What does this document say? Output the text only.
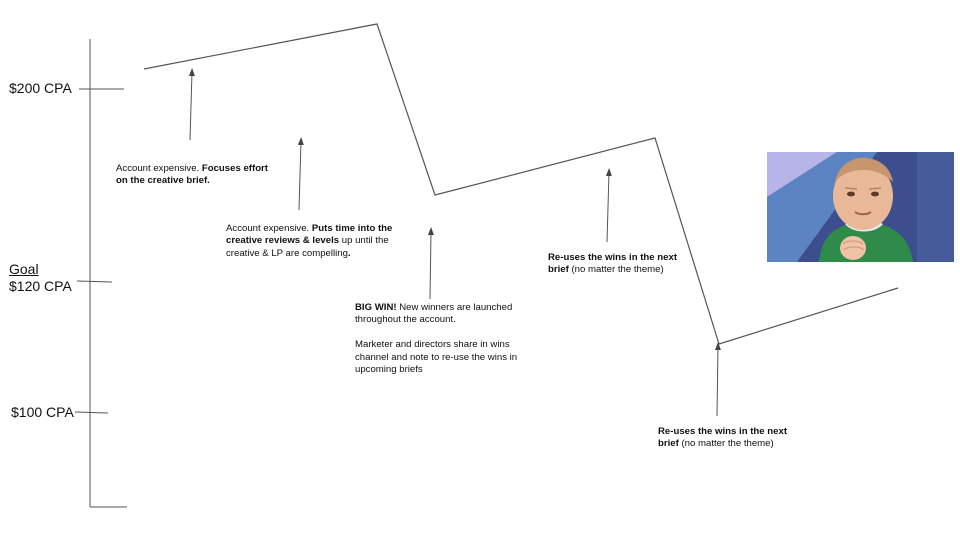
$200 CPA
Goal
$120 CPA
$100 CPA
Account expensive. Focuses effort on the creative brief.
Account expensive. Puts time into the creative reviews & levels up until the creative & LP are compelling.

BIG WIN! New winners are launched throughout the account.

Marketer and directors share in wins channel and note to re-use the wins in upcoming briefs

Re-uses the wins in the next brief (no matter the theme)
Re-uses the wins in the next brief (no matter the theme)
